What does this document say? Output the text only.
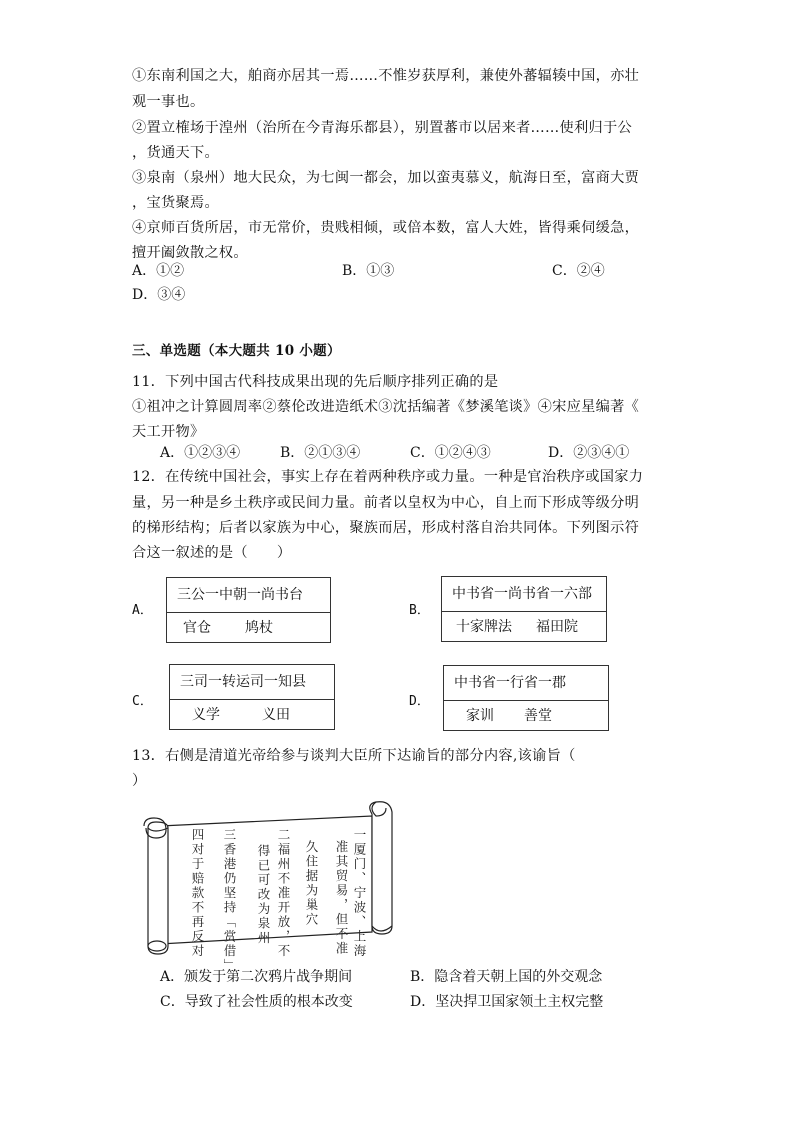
①东南利国之大，舶商亦居其一焉……不惟岁获厚利，兼使外蕃辐辏中国，亦壮
观一事也。
②置立榷场于湟州（治所在今青海乐都县），别置蕃市以居来者……使利归于公
，货通天下。
③泉南（泉州）地大民众，为七闽一都会，加以蛮夷慕义，航海日至，富商大贾
，宝货聚焉。
④京师百货所居，市无常价，贵贱相倾，或倍本数，富人大姓，皆得乘伺缓急，
擅开阖敛散之权。
A．①②	B．①③	C．②④
D．③④
三、单选题（本大题共 10 小题）
11．下列中国古代科技成果出现的先后顺序排列正确的是
①祖冲之计算圆周率②蔡伦改进造纸术③沈括编著《梦溪笔谈》④宋应星编著《
天工开物》
A．①②③④	B．②①③④	C．①②④③	D．②③④①
12．在传统中国社会，事实上存在着两种秩序或力量。一种是官治秩序或国家力
量，另一种是乡土秩序或民间力量。前者以皇权为中心，自上而下形成等级分明
的梯形结构；后者以家族为中心，聚族而居，形成村落自治共同体。下列图示符
合这一叙述的是（　　）
A．
三公一中朝一尚书台
官仓 鸠杖
B．
中书省一尚书省一六部
十家牌法 福田院
C．
三司一转运司一知县
义学	义田
D．
中书省一行省一郡
家训 善堂
13．右侧是清道光帝给参与谈判大臣所下达谕旨的部分内容,该谕旨（
）
一厦门、宁波、上海
准其贸易，但不准
久住据为巢穴
二福州不准开放，不
得已可改为泉州
三香港仍坚持「赏借」
四对于赔款不再反对
A．颁发于第二次鸦片战争期间	B．隐含着天朝上国的外交观念
C．导致了社会性质的根本改变	D．坚决捍卫国家领土主权完整
